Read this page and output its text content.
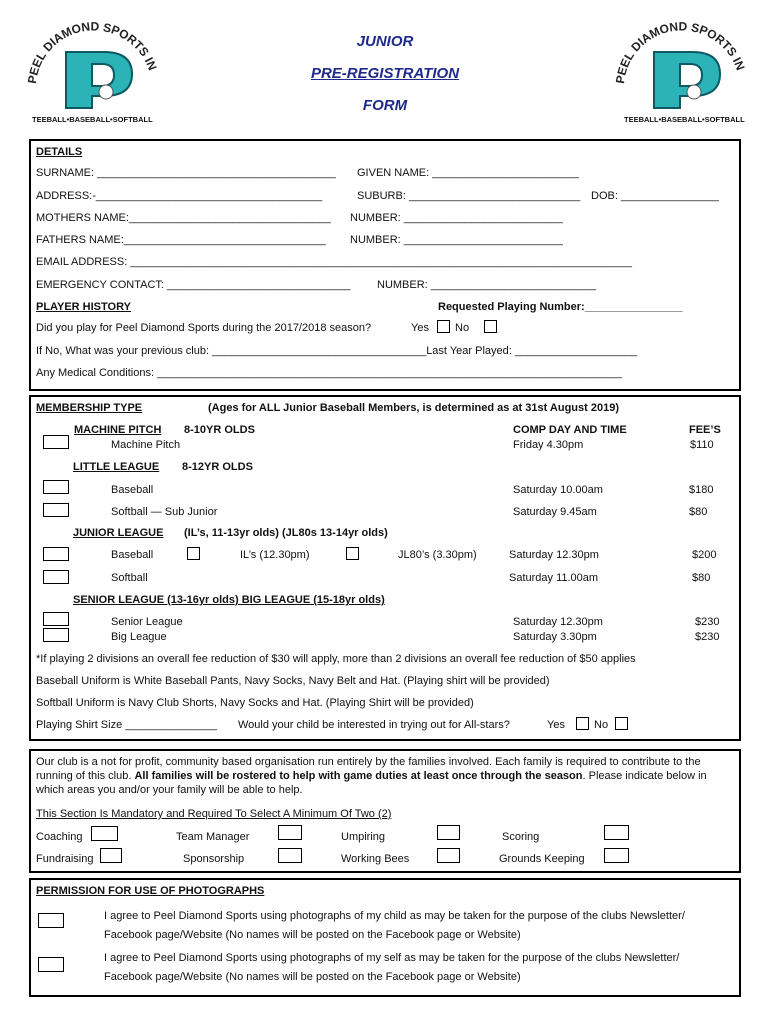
PEEL DIAMOND SPORTS IN
TEEBALL•BASEBALL•SOFTBALL
PEEL DIAMOND SPORTS IN
TEEBALL•BASEBALL•SOFTBALL
JUNIOR
PRE-REGISTRATION
FORM
DETAILS
SURNAME: _______________________________________ GIVEN NAME: ________________________
ADDRESS:-_____________________________________	SUBURB: ____________________________ DOB: ________________
MOTHERS NAME:_________________________________ NUMBER: __________________________
FATHERS NAME:_________________________________ NUMBER: __________________________
EMAIL ADDRESS: __________________________________________________________________________________
EMERGENCY CONTACT: ______________________________ NUMBER: ___________________________
PLAYER HISTORY	Requested Playing Number:________________
Did you play for Peel Diamond Sports during the 2017/2018 season?	Yes No
If No, What was your previous club: ___________________________________Last Year Played: ____________________
Any Medical Conditions: ____________________________________________________________________________
MEMBERSHIP TYPE	(Ages for ALL Junior Baseball Members, is determined as at 31st August 2019)
COMP DAY AND TIME	FEE’S
MACHINE PITCH 8-10YR OLDS
Machine Pitch	Friday 4.30pm	$110
LITTLE LEAGUE 8-12YR OLDS
Baseball	Saturday 10.00am	$180
Softball — Sub Junior	Saturday 9.45am	$80
JUNIOR LEAGUE (IL’s, 11-13yr olds) (JL80s 13-14yr olds)
Baseball	IL’s (12.30pm)	JL80’s (3.30pm)	Saturday 12.30pm	$200
Softball	Saturday 11.00am	$80
SENIOR LEAGUE (13-16yr olds) BIG LEAGUE (15-18yr olds)
Senior League	Saturday 12.30pm	$230
Big League	Saturday 3.30pm	$230
*If playing 2 divisions an overall fee reduction of $30 will apply, more than 2 divisions an overall fee reduction of $50 applies
Baseball Uniform is White Baseball Pants, Navy Socks, Navy Belt and Hat. (Playing shirt will be provided)
Softball Uniform is Navy Club Shorts, Navy Socks and Hat. (Playing Shirt will be provided)
Playing Shirt Size _______________ Would your child be interested in trying out for All-stars?	Yes	No
Our club is a not for profit, community based organisation run entirely by the families involved. Each family is required to contribute to the running of this club. All families will be rostered to help with game duties at least once through the season. Please indicate below in which areas you and/or your family will be able to help.
This Section Is Mandatory and Required To Select A Minimum Of Two (2)
Coaching	Team Manager	Umpiring	Scoring
Fundraising	Sponsorship	Working Bees	Grounds Keeping
PERMISSION FOR USE OF PHOTOGRAPHS
I agree to Peel Diamond Sports using photographs of my child as may be taken for the purpose of the clubs Newsletter/
Facebook page/Website (No names will be posted on the Facebook page or Website)
I agree to Peel Diamond Sports using photographs of my self as may be taken for the purpose of the clubs Newsletter/
Facebook page/Website (No names will be posted on the Facebook page or Website)
